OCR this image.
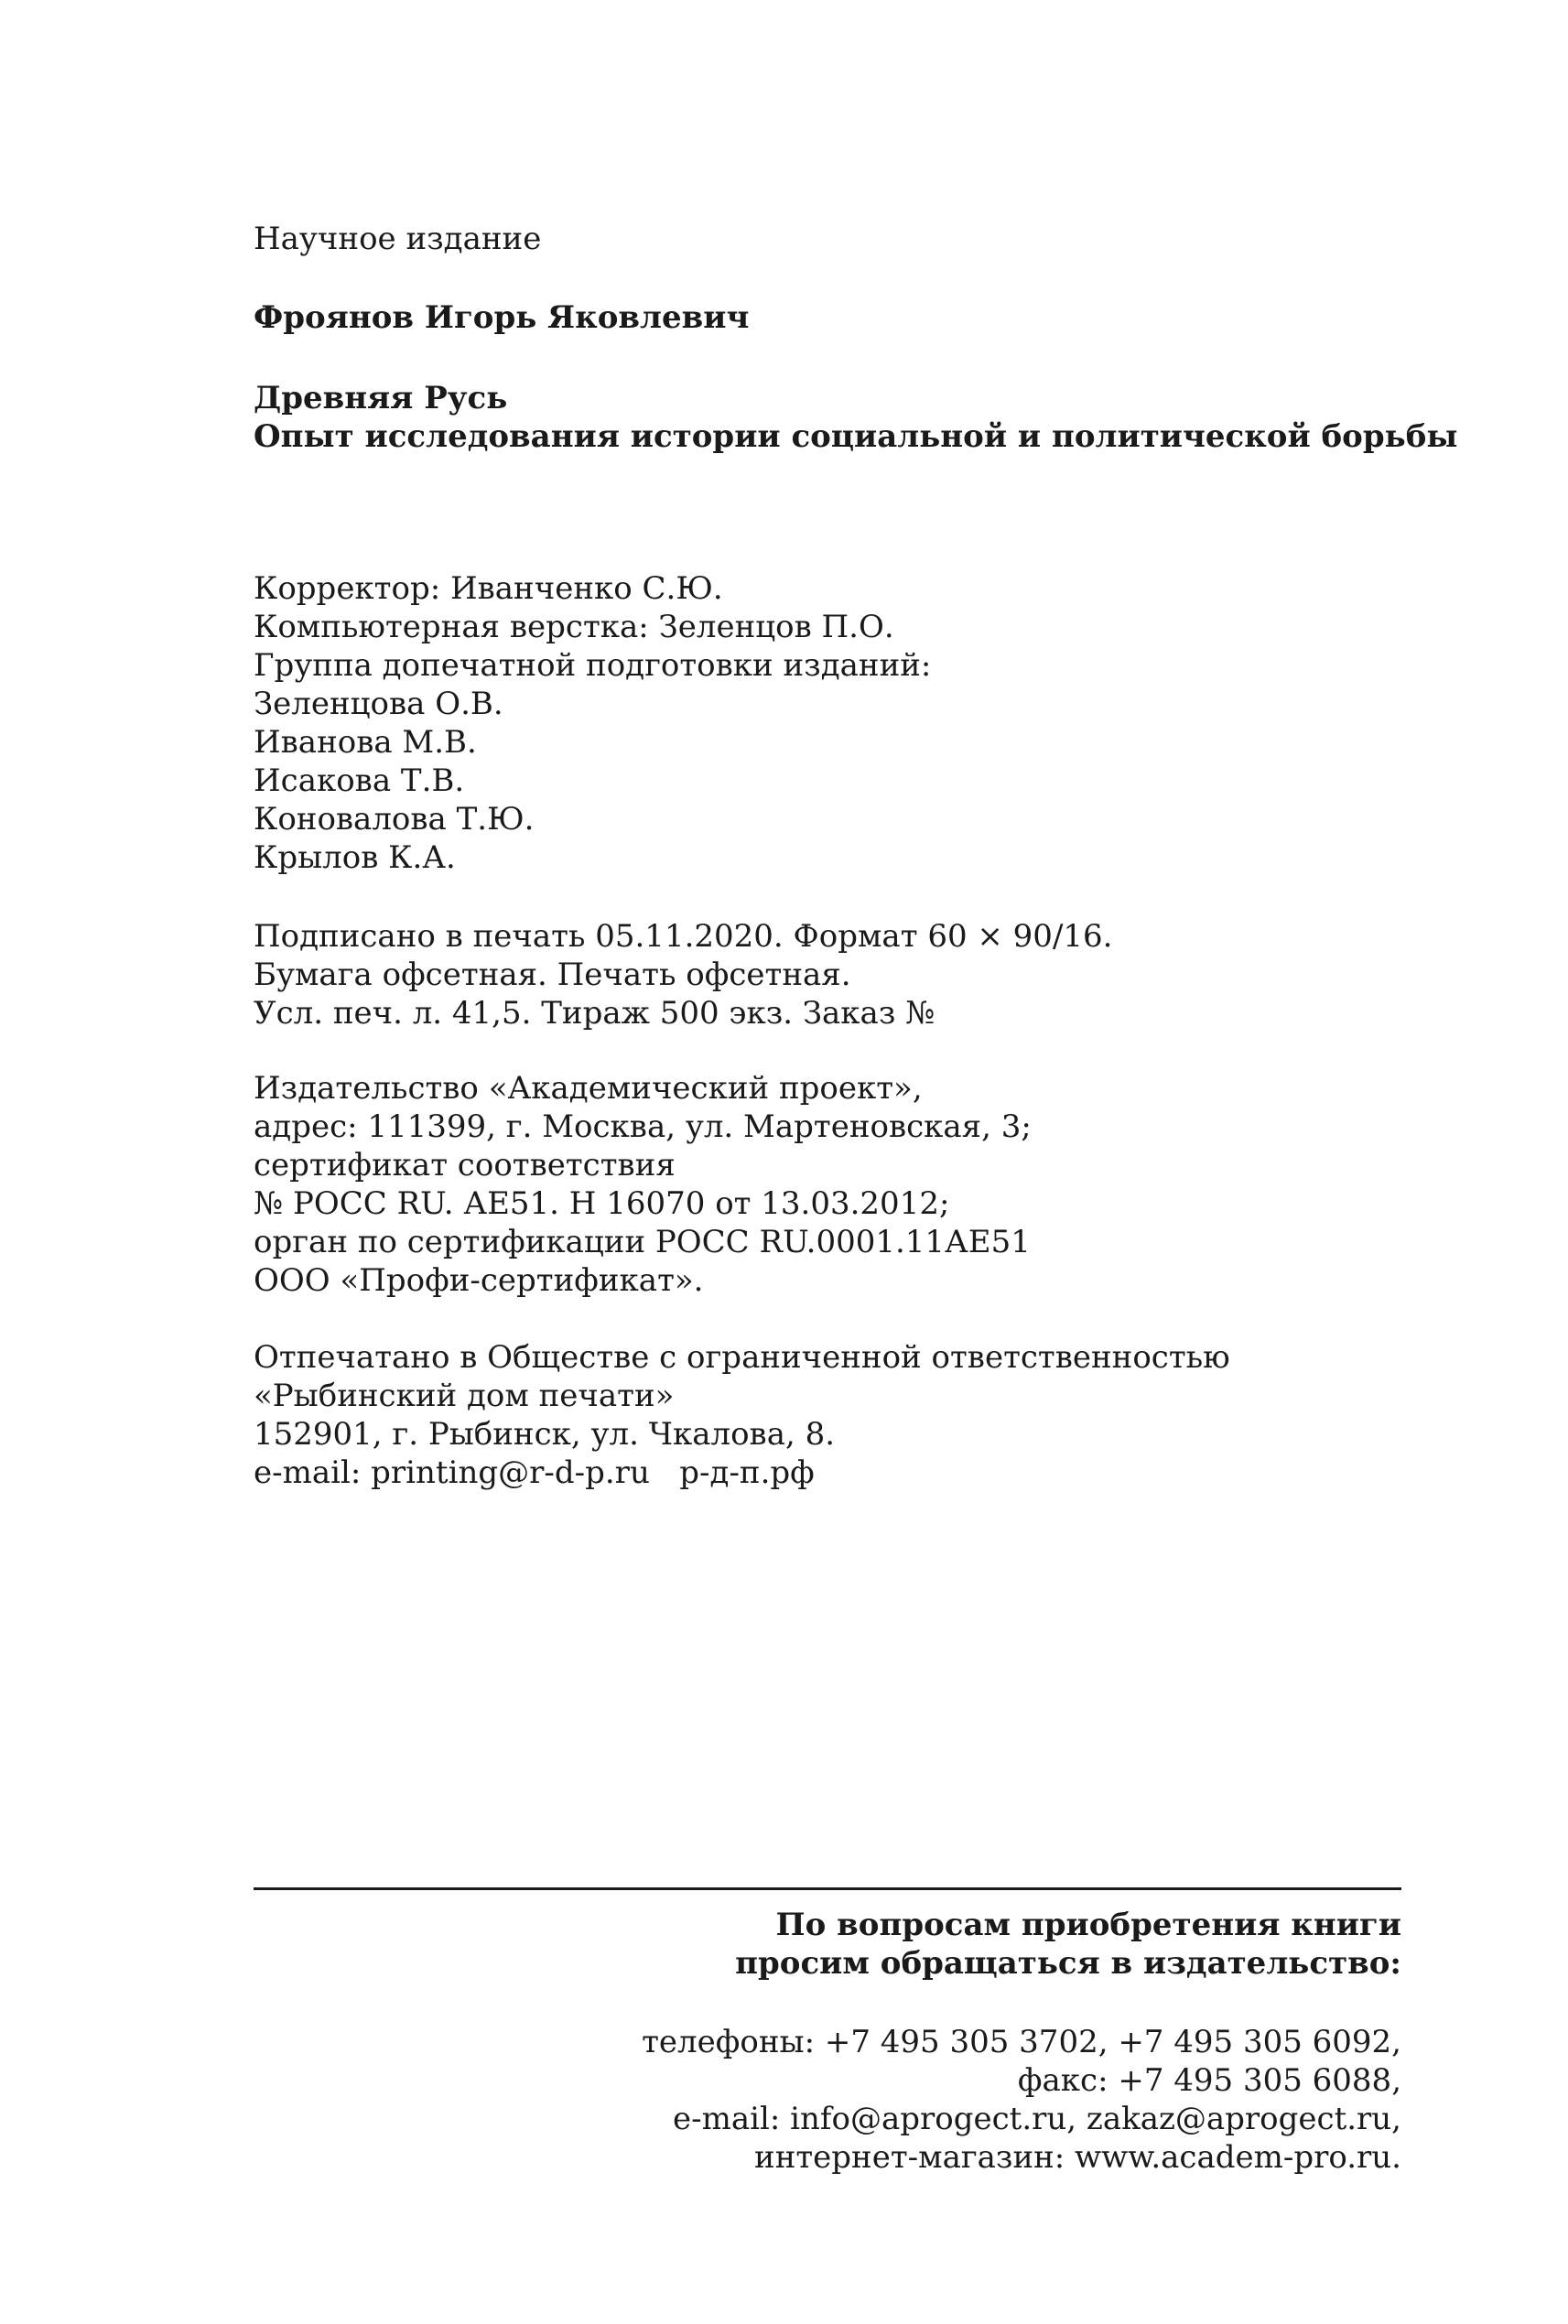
Научное издание
Фроянов Игорь Яковлевич
Древняя Русь
Опыт исследования истории социальной и политической борьбы
Корректор: Иванченко С.Ю.
Компьютерная верстка: Зеленцов П.О.
Группа допечатной подготовки изданий:
Зеленцова О.В.
Иванова М.В.
Исакова Т.В.
Коновалова Т.Ю.
Крылов К.А.
Подписано в печать 05.11.2020. Формат 60 × 90/16.
Бумага офсетная. Печать офсетная.
Усл. печ. л. 41,5. Тираж 500 экз. Заказ №
Издательство «Академический проект»,
адрес: 111399, г. Москва, ул. Мартеновская, 3;
сертификат соответствия
№ РОСС RU. АЕ51. Н 16070 от 13.03.2012;
орган по сертификации РОСС RU.0001.11АЕ51
ООО «Профи-сертификат».
Отпечатано в Обществе с ограниченной ответственностью
«Рыбинский дом печати»
152901, г. Рыбинск, ул. Чкалова, 8.
e-mail: printing@r-d-p.ru   р-д-п.рф
По вопросам приобретения книги
просим обращаться в издательство:
телефоны: +7 495 305 3702, +7 495 305 6092,
факс: +7 495 305 6088,
e-mail: info@aprogect.ru, zakaz@aprogect.ru,
интернет-магазин: www.academ-pro.ru.
